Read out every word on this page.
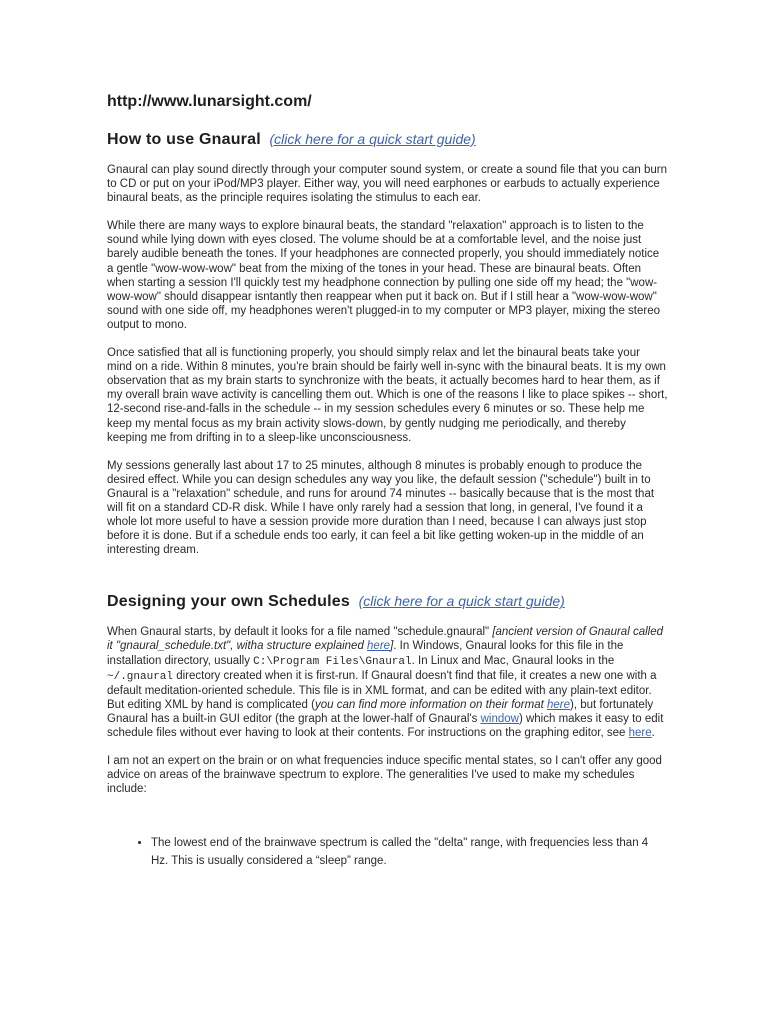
http://www.lunarsight.com/
How to use Gnaural (click here for a quick start guide)

Gnaural can play sound directly through your computer sound system, or create a sound file that you can burn to CD or put on your iPod/MP3 player. Either way, you will need earphones or earbuds to actually experience binaural beats, as the principle requires isolating the stimulus to each ear.

While there are many ways to explore binaural beats, the standard "relaxation" approach is to listen to the sound while lying down with eyes closed. The volume should be at a comfortable level, and the noise just barely audible beneath the tones. If your headphones are connected properly, you should immediately notice a gentle "wow-wow-wow" beat from the mixing of the tones in your head. These are binaural beats. Often when starting a session I'll quickly test my headphone connection by pulling one side off my head; the "wow-wow-wow" should disappear isntantly then reappear when put it back on. But if I still hear a "wow-wow-wow" sound with one side off, my headphones weren't plugged-in to my computer or MP3 player, mixing the stereo output to mono.

Once satisfied that all is functioning properly, you should simply relax and let the binaural beats take your mind on a ride. Within 8 minutes, you're brain should be fairly well in-sync with the binaural beats. It is my own observation that as my brain starts to synchronize with the beats, it actually becomes hard to hear them, as if my overall brain wave activity is cancelling them out. Which is one of the reasons I like to place spikes -- short, 12-second rise-and-falls in the schedule -- in my session schedules every 6 minutes or so. These help me keep my mental focus as my brain activity slows-down, by gently nudging me periodically, and thereby keeping me from drifting in to a sleep-like unconsciousness.

My sessions generally last about 17 to 25 minutes, although 8 minutes is probably enough to produce the desired effect. While you can design schedules any way you like, the default session ("schedule") built in to Gnaural is a "relaxation" schedule, and runs for around 74 minutes -- basically because that is the most that will fit on a standard CD-R disk. While I have only rarely had a session that long, in general, I've found it a whole lot more useful to have a session provide more duration than I need, because I can always just stop before it is done. But if a schedule ends too early, it can feel a bit like getting woken-up in the middle of an interesting dream.

Designing your own Schedules (click here for a quick start guide)

When Gnaural starts, by default it looks for a file named "schedule.gnaural" [ancient version of Gnaural called it "gnaural_schedule.txt", witha structure explained here]. In Windows, Gnaural looks for this file in the installation directory, usually C:\Program Files\Gnaural. In Linux and Mac, Gnaural looks in the ~/.gnaural directory created when it is first-run. If Gnaural doesn't find that file, it creates a new one with a default meditation-oriented schedule. This file is in XML format, and can be edited with any plain-text editor. But editing XML by hand is complicated (you can find more information on their format here), but fortunately Gnaural has a built-in GUI editor (the graph at the lower-half of Gnaural's window) which makes it easy to edit schedule files without ever having to look at their contents. For instructions on the graphing editor, see here.

I am not an expert on the brain or on what frequencies induce specific mental states, so I can't offer any good advice on areas of the brainwave spectrum to explore. The generalities I've used to make my schedules include:

• The lowest end of the brainwave spectrum is called the "delta" range, with frequencies less than 4 Hz. This is usually considered a “sleep” range.
